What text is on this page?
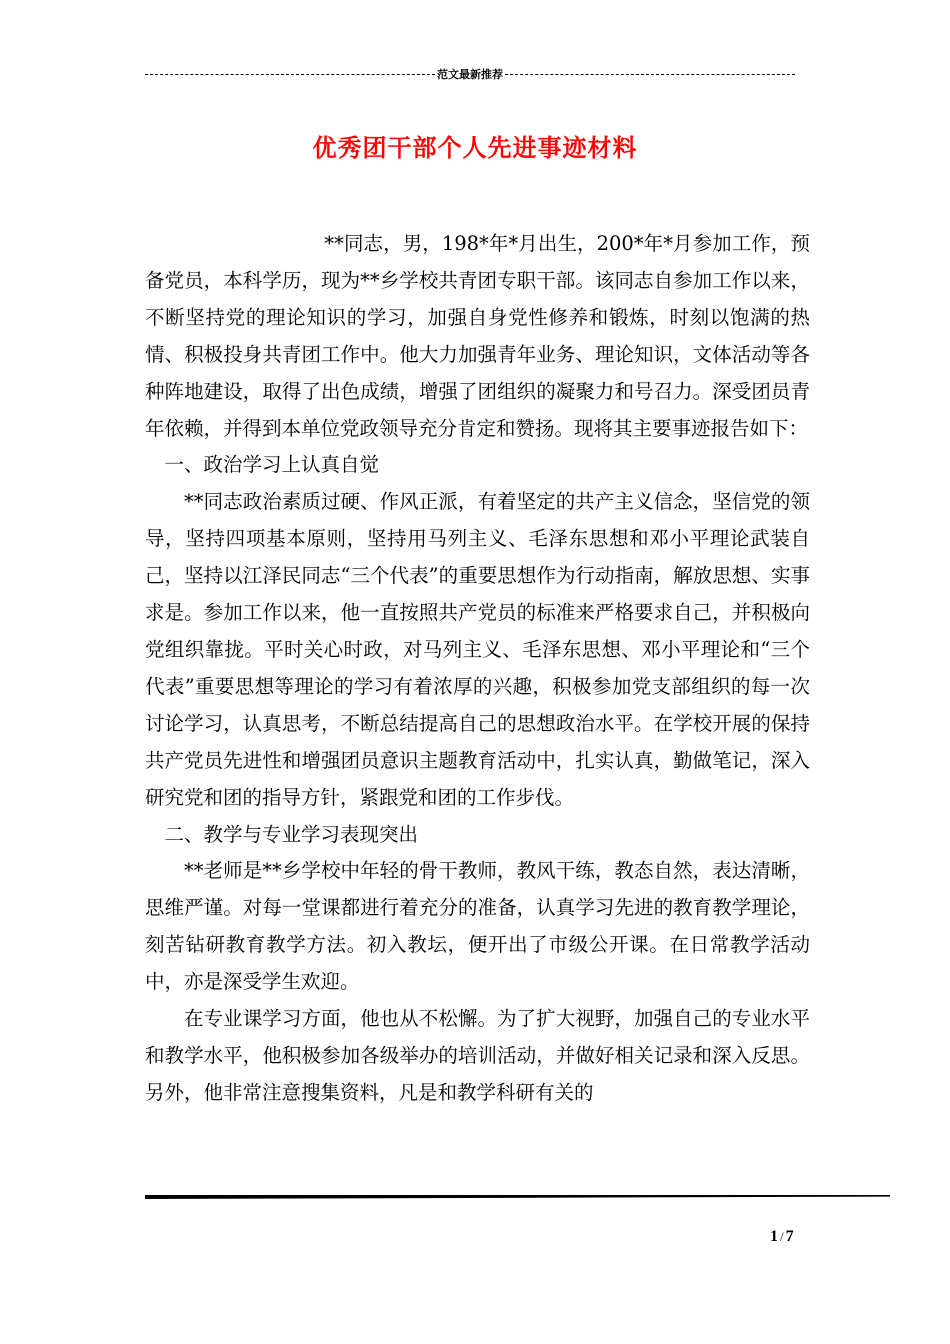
范文最新推荐
优秀团干部个人先进事迹材料

**同志，男，198*年*月出生，200*年*月参加工作，预备党员，本科学历，现为**乡学校共青团专职干部。该同志自参加工作以来，不断坚持党的理论知识的学习，加强自身党性修养和锻炼，时刻以饱满的热情、积极投身共青团工作中。他大力加强青年业务、理论知识，文体活动等各种阵地建设，取得了出色成绩，增强了团组织的凝聚力和号召力。深受团员青年依赖，并得到本单位党政领导充分肯定和赞扬。现将其主要事迹报告如下：

一、政治学习上认真自觉

**同志政治素质过硬、作风正派，有着坚定的共产主义信念，坚信党的领导，坚持四项基本原则，坚持用马列主义、毛泽东思想和邓小平理论武装自己，坚持以江泽民同志“三个代表”的重要思想作为行动指南，解放思想、实事求是。参加工作以来，他一直按照共产党员的标准来严格要求自己，并积极向党组织靠拢。平时关心时政，对马列主义、毛泽东思想、邓小平理论和“三个代表”重要思想等理论的学习有着浓厚的兴趣，积极参加党支部组织的每一次讨论学习，认真思考，不断总结提高自己的思想政治水平。在学校开展的保持共产党员先进性和增强团员意识主题教育活动中，扎实认真，勤做笔记，深入研究党和团的指导方针，紧跟党和团的工作步伐。

二、教学与专业学习表现突出

**老师是**乡学校中年轻的骨干教师，教风干练，教态自然，表达清晰，思维严谨。对每一堂课都进行着充分的准备，认真学习先进的教育教学理论，刻苦钻研教育教学方法。初入教坛，便开出了市级公开课。在日常教学活动中，亦是深受学生欢迎。

在专业课学习方面，他也从不松懈。为了扩大视野，加强自己的专业水平和教学水平，他积极参加各级举办的培训活动，并做好相关记录和深入反思。另外，他非常注意搜集资料，凡是和教学科研有关的

1 / 7
